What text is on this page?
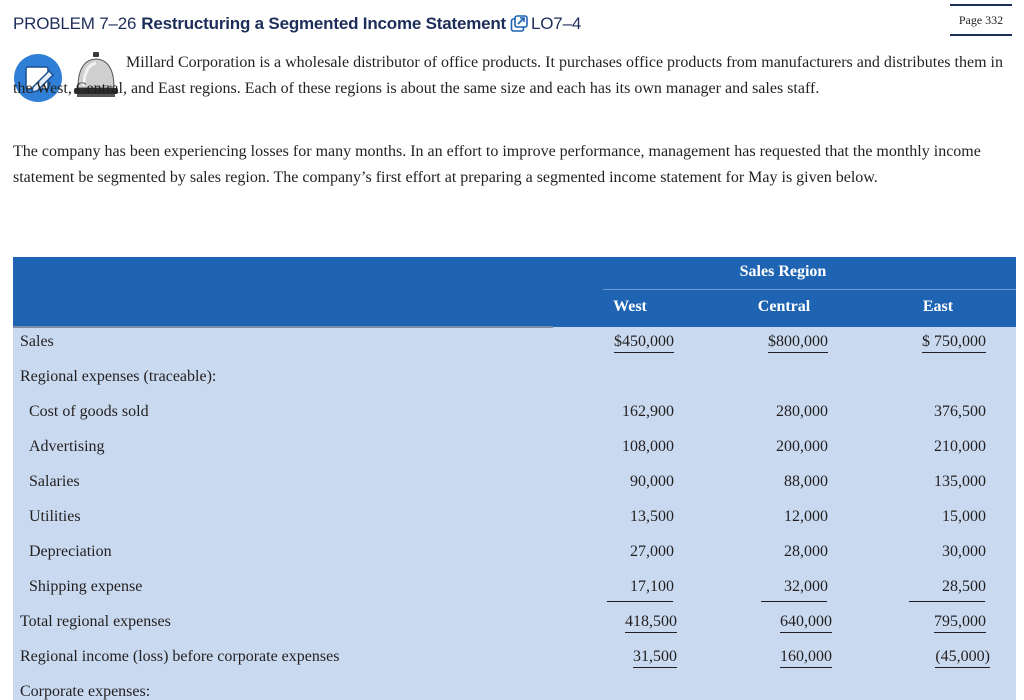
PROBLEM 7–26 Restructuring a Segmented Income Statement LO7–4	Page 332

Millard Corporation is a wholesale distributor of office products. It purchases office products from manufacturers and distributes them in the West, Central, and East regions. Each of these regions is about the same size and each has its own manager and sales staff.

The company has been experiencing losses for many months. In an effort to improve performance, management has requested that the monthly income statement be segmented by sales region. The company’s first effort at preparing a segmented income statement for May is given below.

Sales Region
West	Central	East
Sales	$450,000	$800,000	$ 750,000
Regional expenses (traceable):
Cost of goods sold	162,900	280,000	376,500
Advertising	108,000	200,000	210,000
Salaries	90,000	88,000	135,000
Utilities	13,500	12,000	15,000
Depreciation	27,000	28,000	30,000
Shipping expense	17,100	32,000	28,500
Total regional expenses	418,500	640,000	795,000
Regional income (loss) before corporate expenses	31,500	160,000	(45,000)
Corporate expenses:
